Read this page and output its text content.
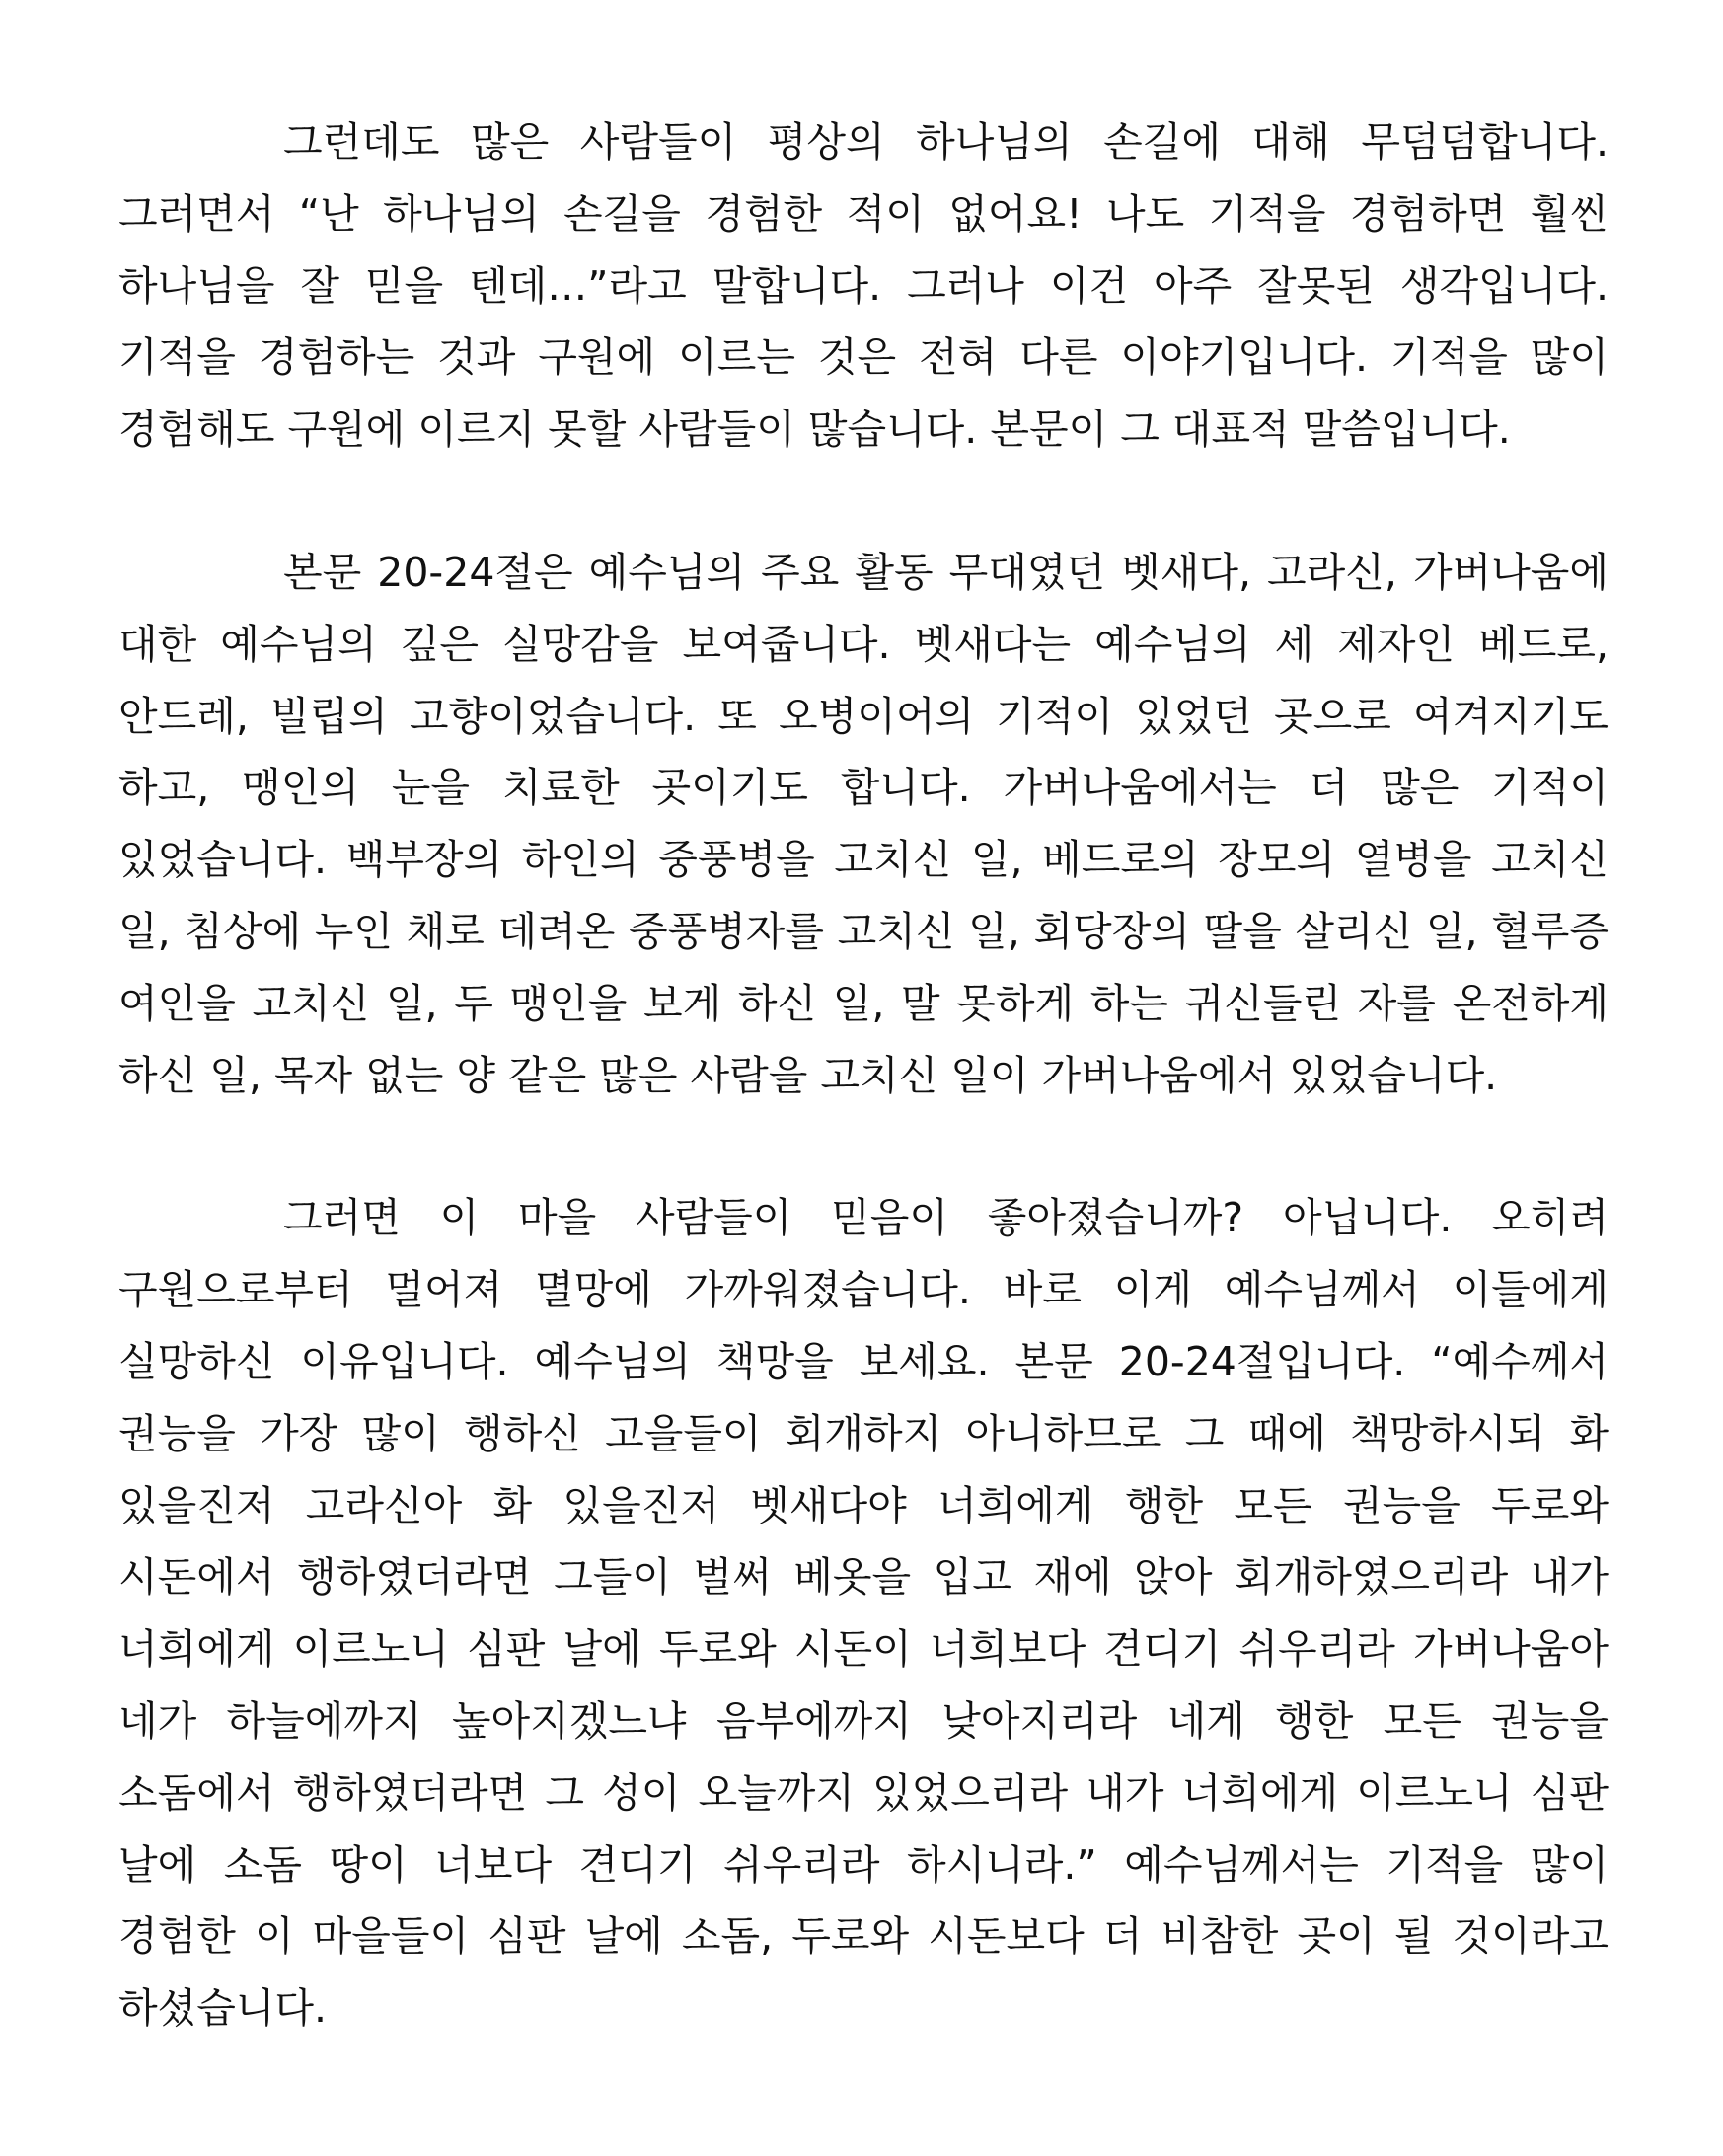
그런데도 많은 사람들이 평상의 하나님의 손길에 대해 무덤덤합니다. 그러면서 “난 하나님의 손길을 경험한 적이 없어요! 나도 기적을 경험하면 훨씬 하나님을 잘 믿을 텐데…”라고 말합니다. 그러나 이건 아주 잘못된 생각입니다. 기적을 경험하는 것과 구원에 이르는 것은 전혀 다른 이야기입니다. 기적을 많이 경험해도 구원에 이르지 못할 사람들이 많습니다. 본문이 그 대표적 말씀입니다.

본문 20-24절은 예수님의 주요 활동 무대였던 벳새다, 고라신, 가버나움에 대한 예수님의 깊은 실망감을 보여줍니다. 벳새다는 예수님의 세 제자인 베드로, 안드레, 빌립의 고향이었습니다. 또 오병이어의 기적이 있었던 곳으로 여겨지기도 하고, 맹인의 눈을 치료한 곳이기도 합니다. 가버나움에서는 더 많은 기적이 있었습니다. 백부장의 하인의 중풍병을 고치신 일, 베드로의 장모의 열병을 고치신 일, 침상에 누인 채로 데려온 중풍병자를 고치신 일, 회당장의 딸을 살리신 일, 혈루증 여인을 고치신 일, 두 맹인을 보게 하신 일, 말 못하게 하는 귀신들린 자를 온전하게 하신 일, 목자 없는 양 같은 많은 사람을 고치신 일이 가버나움에서 있었습니다.

그러면 이 마을 사람들이 믿음이 좋아졌습니까? 아닙니다. 오히려 구원으로부터 멀어져 멸망에 가까워졌습니다. 바로 이게 예수님께서 이들에게 실망하신 이유입니다. 예수님의 책망을 보세요. 본문 20-24절입니다. “예수께서 권능을 가장 많이 행하신 고을들이 회개하지 아니하므로 그 때에 책망하시되 화 있을진저 고라신아 화 있을진저 벳새다야 너희에게 행한 모든 권능을 두로와 시돈에서 행하였더라면 그들이 벌써 베옷을 입고 재에 앉아 회개하였으리라 내가 너희에게 이르노니 심판 날에 두로와 시돈이 너희보다 견디기 쉬우리라 가버나움아 네가 하늘에까지 높아지겠느냐 음부에까지 낮아지리라 네게 행한 모든 권능을 소돔에서 행하였더라면 그 성이 오늘까지 있었으리라 내가 너희에게 이르노니 심판 날에 소돔 땅이 너보다 견디기 쉬우리라 하시니라.” 예수님께서는 기적을 많이 경험한 이 마을들이 심판 날에 소돔, 두로와 시돈보다 더 비참한 곳이 될 것이라고 하셨습니다.
